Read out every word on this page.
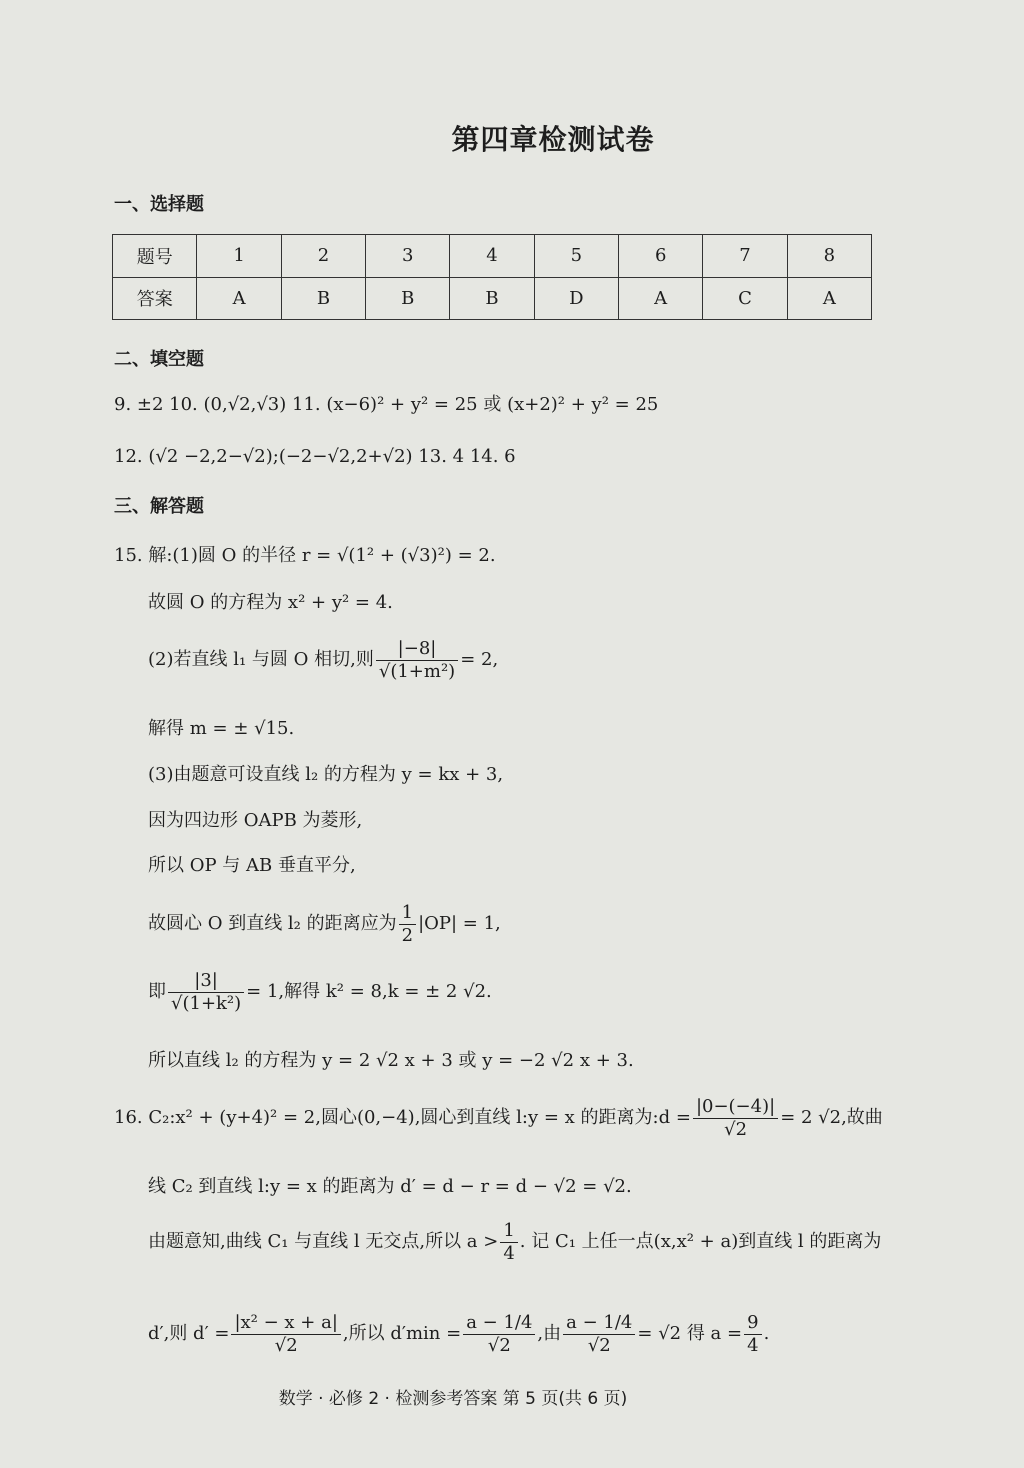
第四章检测试卷
一、选择题
题号	1	2	3	4	5	6	7	8
答案	A	B	B	B	D	A	C	A
二、填空题
9. ±2 10. (0,√2,√3) 11. (x−6)² + y² = 25 或 (x+2)² + y² = 25
12. (√2 −2,2−√2);(−2−√2,2+√2) 13. 4 14. 6
三、解答题
15. 解:(1)圆 O 的半径 r = √(1² + (√3)²) = 2.
故圆 O 的方程为 x² + y² = 4.
(2)若直线 l₁ 与圆 O 相切,则 $\frac{|-8|}{\text{√(1+m²)}} = 2$,
解得 m = ± √15.
(3)由题意可设直线 l₂ 的方程为 y = kx + 3,
因为四边形 OAPB 为菱形,
所以 OP 与 AB 垂直平分,
故圆心 O 到直线 l₂ 的距离应为 $\frac{1}{2} |OP| = 1$,
即 $\frac{|3|}{\text{√(1+k²)}} = 1$,解得 k² = 8,k = ± 2 √2.
所以直线 l₂ 的方程为 y = 2 √2 x + 3 或 y = −2 √2 x + 3.
16. C₂:x² + (y+4)² = 2,圆心(0,−4),圆心到直线 l:y = x 的距离为:d = $\frac{|0-(-4)|}{√2} = 2$ √2,故曲
线 C₂ 到直线 l:y = x 的距离为 d′ = d − r = d − √2 = √2.
由题意知,曲线 C₁ 与直线 l 无交点,所以 $a > \frac{1}{4}$ . 记 C₁ 上任一点(x,x² + a)到直线 l 的距离为
d′,则 $d' = \frac{\text{|x² − x + a|}}{√2}$ ,所以 $d'\min = \frac{a - 1/4}{√2}$ ,由 $\frac{a - 1/4}{√2} = √2$ 得 $a = \frac{9}{4}$ .
数学 · 必修 2 · 检测参考答案 第 5 页(共 6 页)
